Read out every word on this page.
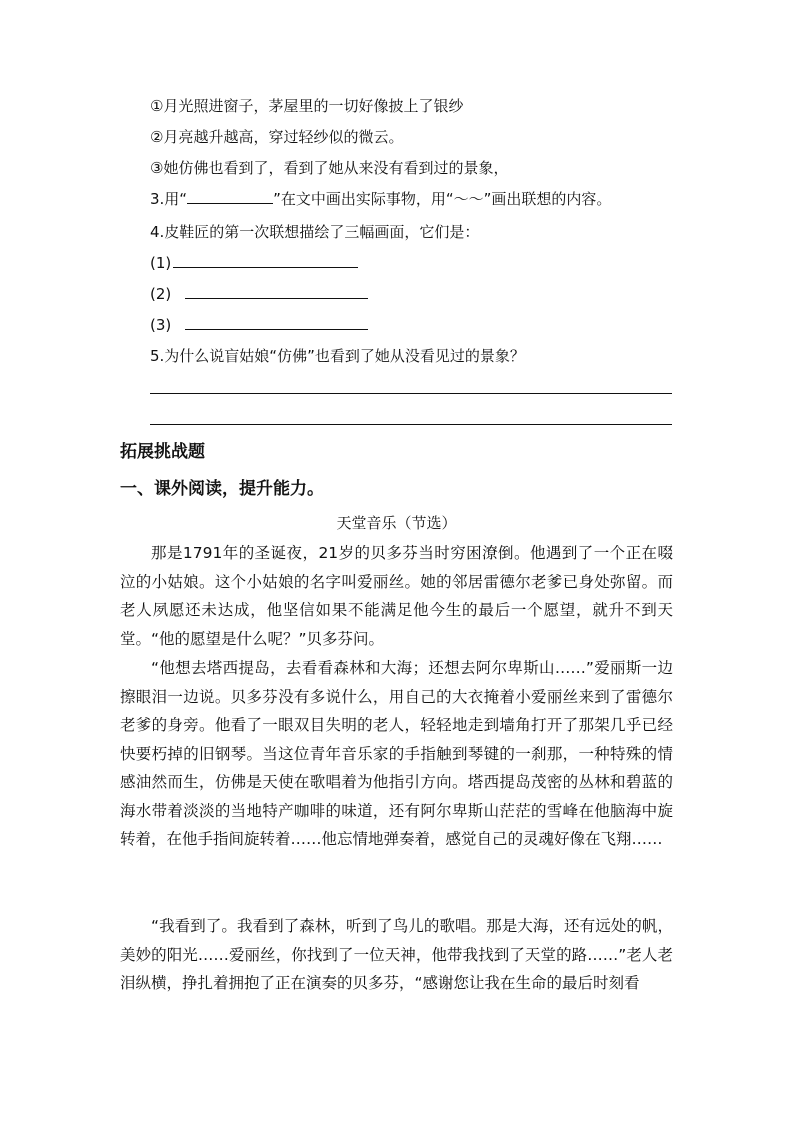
①月光照进窗子，茅屋里的一切好像披上了银纱
②月亮越升越高，穿过轻纱似的微云。
③她仿佛也看到了，看到了她从来没有看到过的景象，
3.用“	”在文中画出实际事物，用“～～”画出联想的内容。
4.皮鞋匠的第一次联想描绘了三幅画面，它们是：
(1)
(2)
(3)
5.为什么说盲姑娘“仿佛”也看到了她从没看见过的景象？
拓展挑战题
一、课外阅读，提升能力。
天堂音乐（节选）

那是1791年的圣诞夜，21岁的贝多芬当时穷困潦倒。他遇到了一个正在啜泣的小姑娘。这个小姑娘的名字叫爱丽丝。她的邻居雷德尔老爹已身处弥留。而老人夙愿还未达成，他坚信如果不能满足他今生的最后一个愿望，就升不到天堂。 “他的愿望是什么呢？”贝多芬问。

“他想去塔西提岛，去看看森林和大海；还想去阿尔卑斯山……”爱丽斯一边擦眼泪一边说。贝多芬没有多说什么，用自己的大衣掩着小爱丽丝来到了雷德尔老爹的身旁。他看了一眼双目失明的老人，轻轻地走到墙角打开了那架几乎已经快要朽掉的旧钢琴。当这位青年音乐家的手指触到琴键的一刹那，一种特殊的情感油然而生，仿佛是天使在歌唱着为他指引方向。塔西提岛茂密的丛林和碧蓝的海水带着淡淡的当地特产咖啡的味道，还有阿尔卑斯山茫茫的雪峰在他脑海中旋转着，在他手指间旋转着……他忘情地弹奏着，感觉自己的灵魂好像在飞翔……

“我看到了。我看到了森林，听到了鸟儿的歌唱。那是大海，还有远处的帆，美妙的阳光……爱丽丝，你找到了一位天神，他带我找到了天堂的路……”老人老泪纵横，挣扎着拥抱了正在演奏的贝多芬，“感谢您让我在生命的最后时刻看
